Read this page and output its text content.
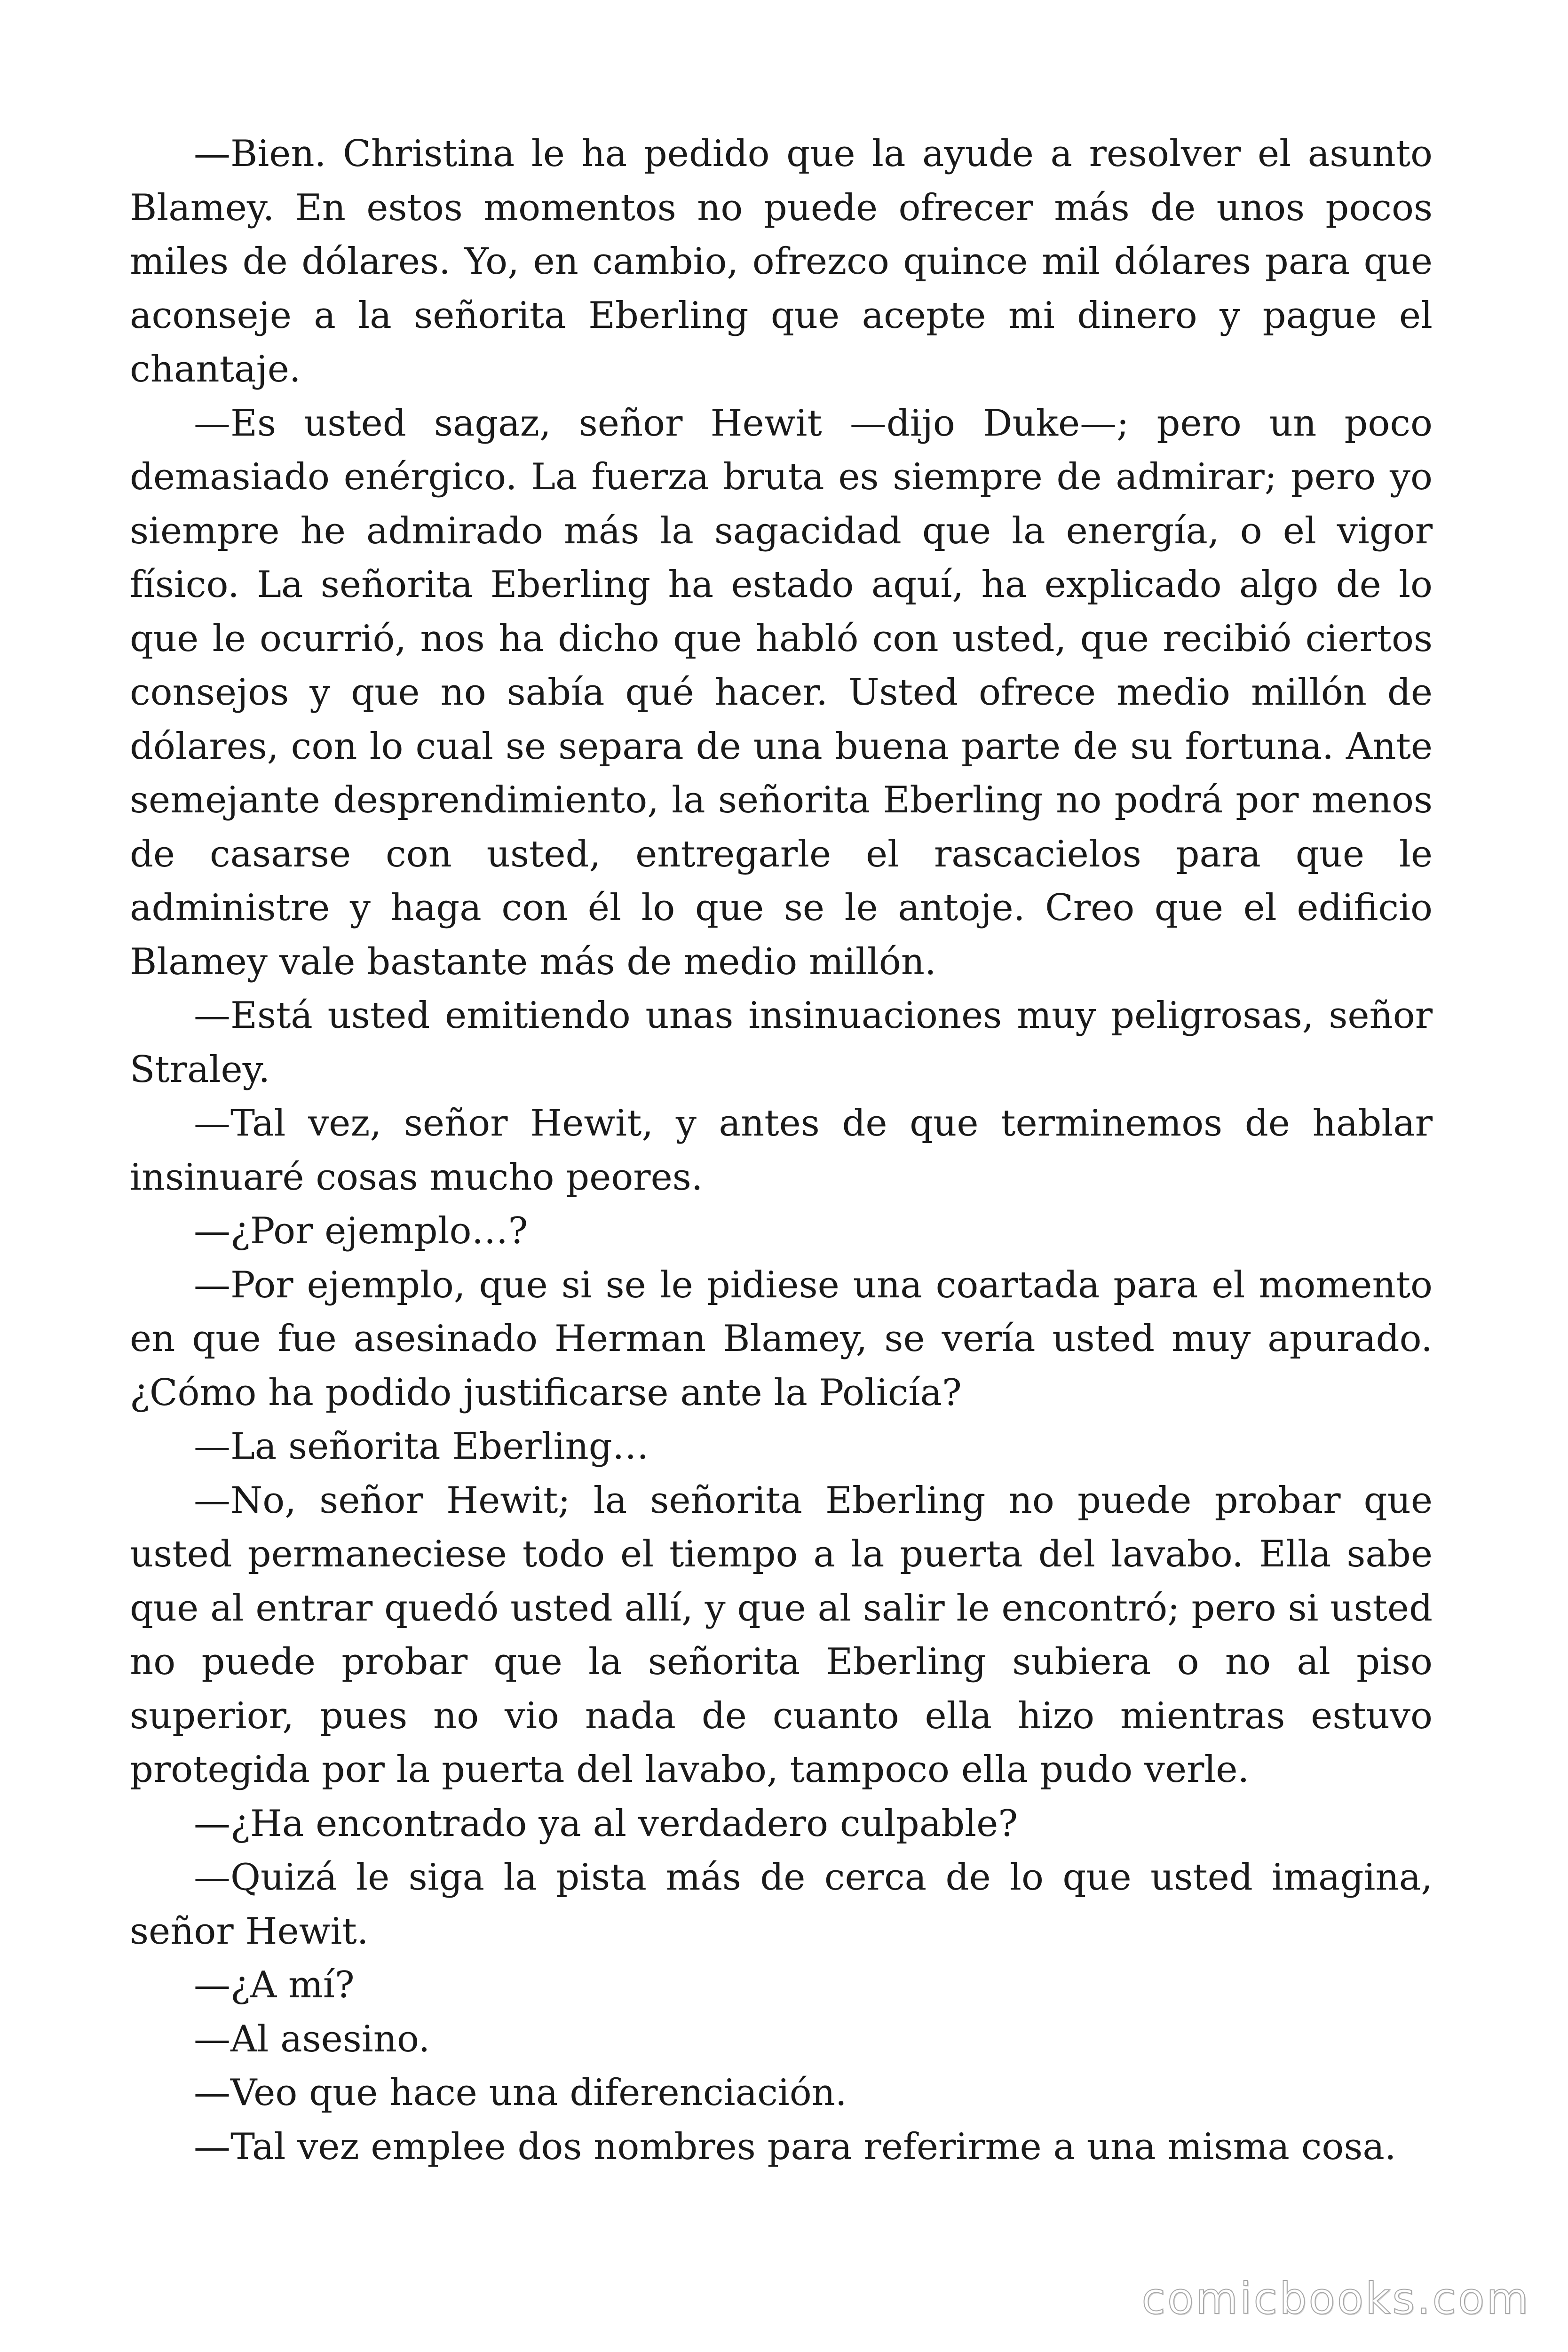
—Bien. Christina le ha pedido que la ayude a resolver el asunto Blamey. En estos momentos no puede ofrecer más de unos pocos miles de dólares. Yo, en cambio, ofrezco quince mil dólares para que aconseje a la señorita Eberling que acepte mi dinero y pague el chantaje.

—Es usted sagaz, señor Hewit —dijo Duke—; pero un poco demasiado enérgico. La fuerza bruta es siempre de admirar; pero yo siempre he admirado más la sagacidad que la energía, o el vigor físico. La señorita Eberling ha estado aquí, ha explicado algo de lo que le ocurrió, nos ha dicho que habló con usted, que recibió ciertos consejos y que no sabía qué hacer. Usted ofrece medio millón de dólares, con lo cual se separa de una buena parte de su fortuna. Ante semejante desprendimiento, la señorita Eberling no podrá por menos de casarse con usted, entregarle el rascacielos para que le administre y haga con él lo que se le antoje. Creo que el edificio Blamey vale bastante más de medio millón.

—Está usted emitiendo unas insinuaciones muy peligrosas, señor Straley.

—Tal vez, señor Hewit, y antes de que terminemos de hablar insinuaré cosas mucho peores.

—¿Por ejemplo…?

—Por ejemplo, que si se le pidiese una coartada para el momento en que fue asesinado Herman Blamey, se vería usted muy apurado. ¿Cómo ha podido justificarse ante la Policía?

—La señorita Eberling…

—No, señor Hewit; la señorita Eberling no puede probar que usted permaneciese todo el tiempo a la puerta del lavabo. Ella sabe que al entrar quedó usted allí, y que al salir le encontró; pero si usted no puede probar que la señorita Eberling subiera o no al piso superior, pues no vio nada de cuanto ella hizo mientras estuvo protegida por la puerta del lavabo, tampoco ella pudo verle.

—¿Ha encontrado ya al verdadero culpable?

—Quizá le siga la pista más de cerca de lo que usted imagina, señor Hewit.

—¿A mí?

—Al asesino.

—Veo que hace una diferenciación.

—Tal vez emplee dos nombres para referirme a una misma cosa.

comicbooks.com
